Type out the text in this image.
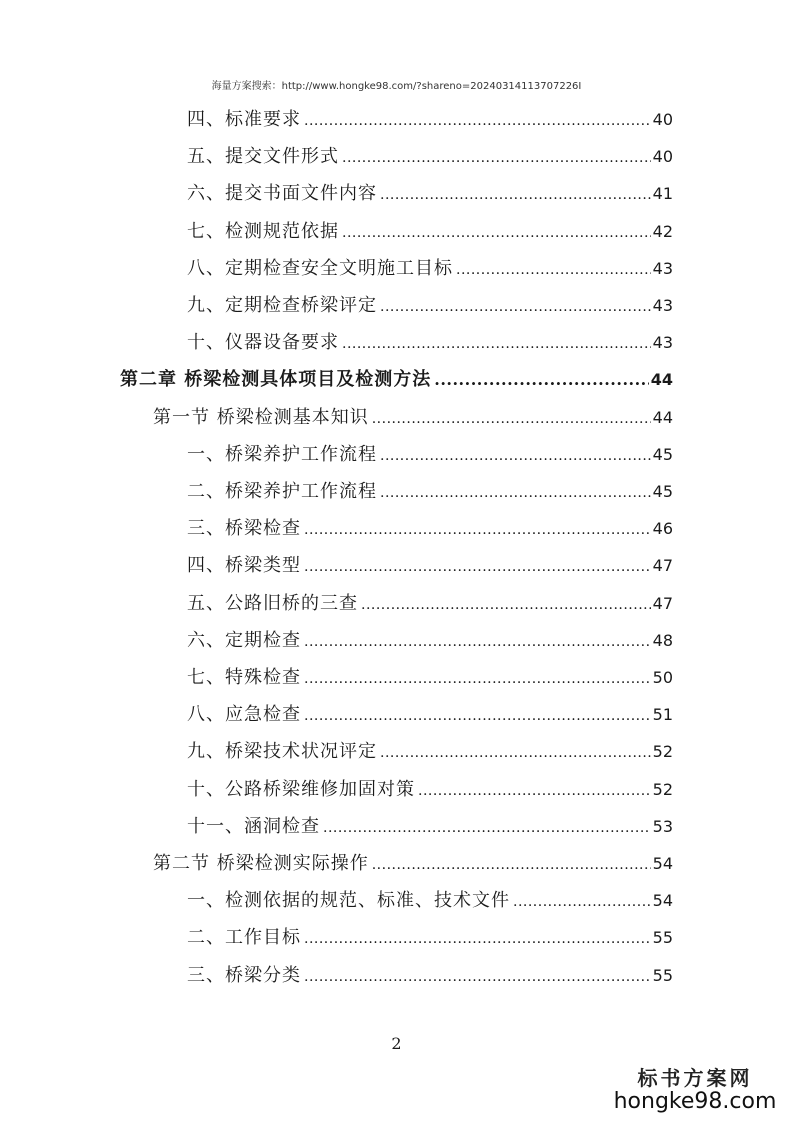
海量方案搜索：http://www.hongke98.com/?shareno=20240314113707226I
四、标准要求 .....	40
五、提交文件形式 .....	40
六、提交书面文件内容 .....	41
七、检测规范依据 .....	42
八、定期检查安全文明施工目标 .....	43
九、定期检查桥梁评定 .....	43
十、仪器设备要求 .....	43
第二章 桥梁检测具体项目及检测方法 .....	44
第一节 桥梁检测基本知识 .....	44
一、桥梁养护工作流程 .....	45
二、桥梁养护工作流程 .....	45
三、桥梁检查 .....	46
四、桥梁类型 .....	47
五、公路旧桥的三查 .....	47
六、定期检查 .....	48
七、特殊检查 .....	50
八、应急检查 .....	51
九、桥梁技术状况评定 .....	52
十、公路桥梁维修加固对策 .....	52
十一、涵洞检查 .....	53
第二节 桥梁检测实际操作 .....	54
一、检测依据的规范、标准、技术文件 .....	54
二、工作目标 .....	55
三、桥梁分类 .....	55
2
标书方案网
hongke98.com
